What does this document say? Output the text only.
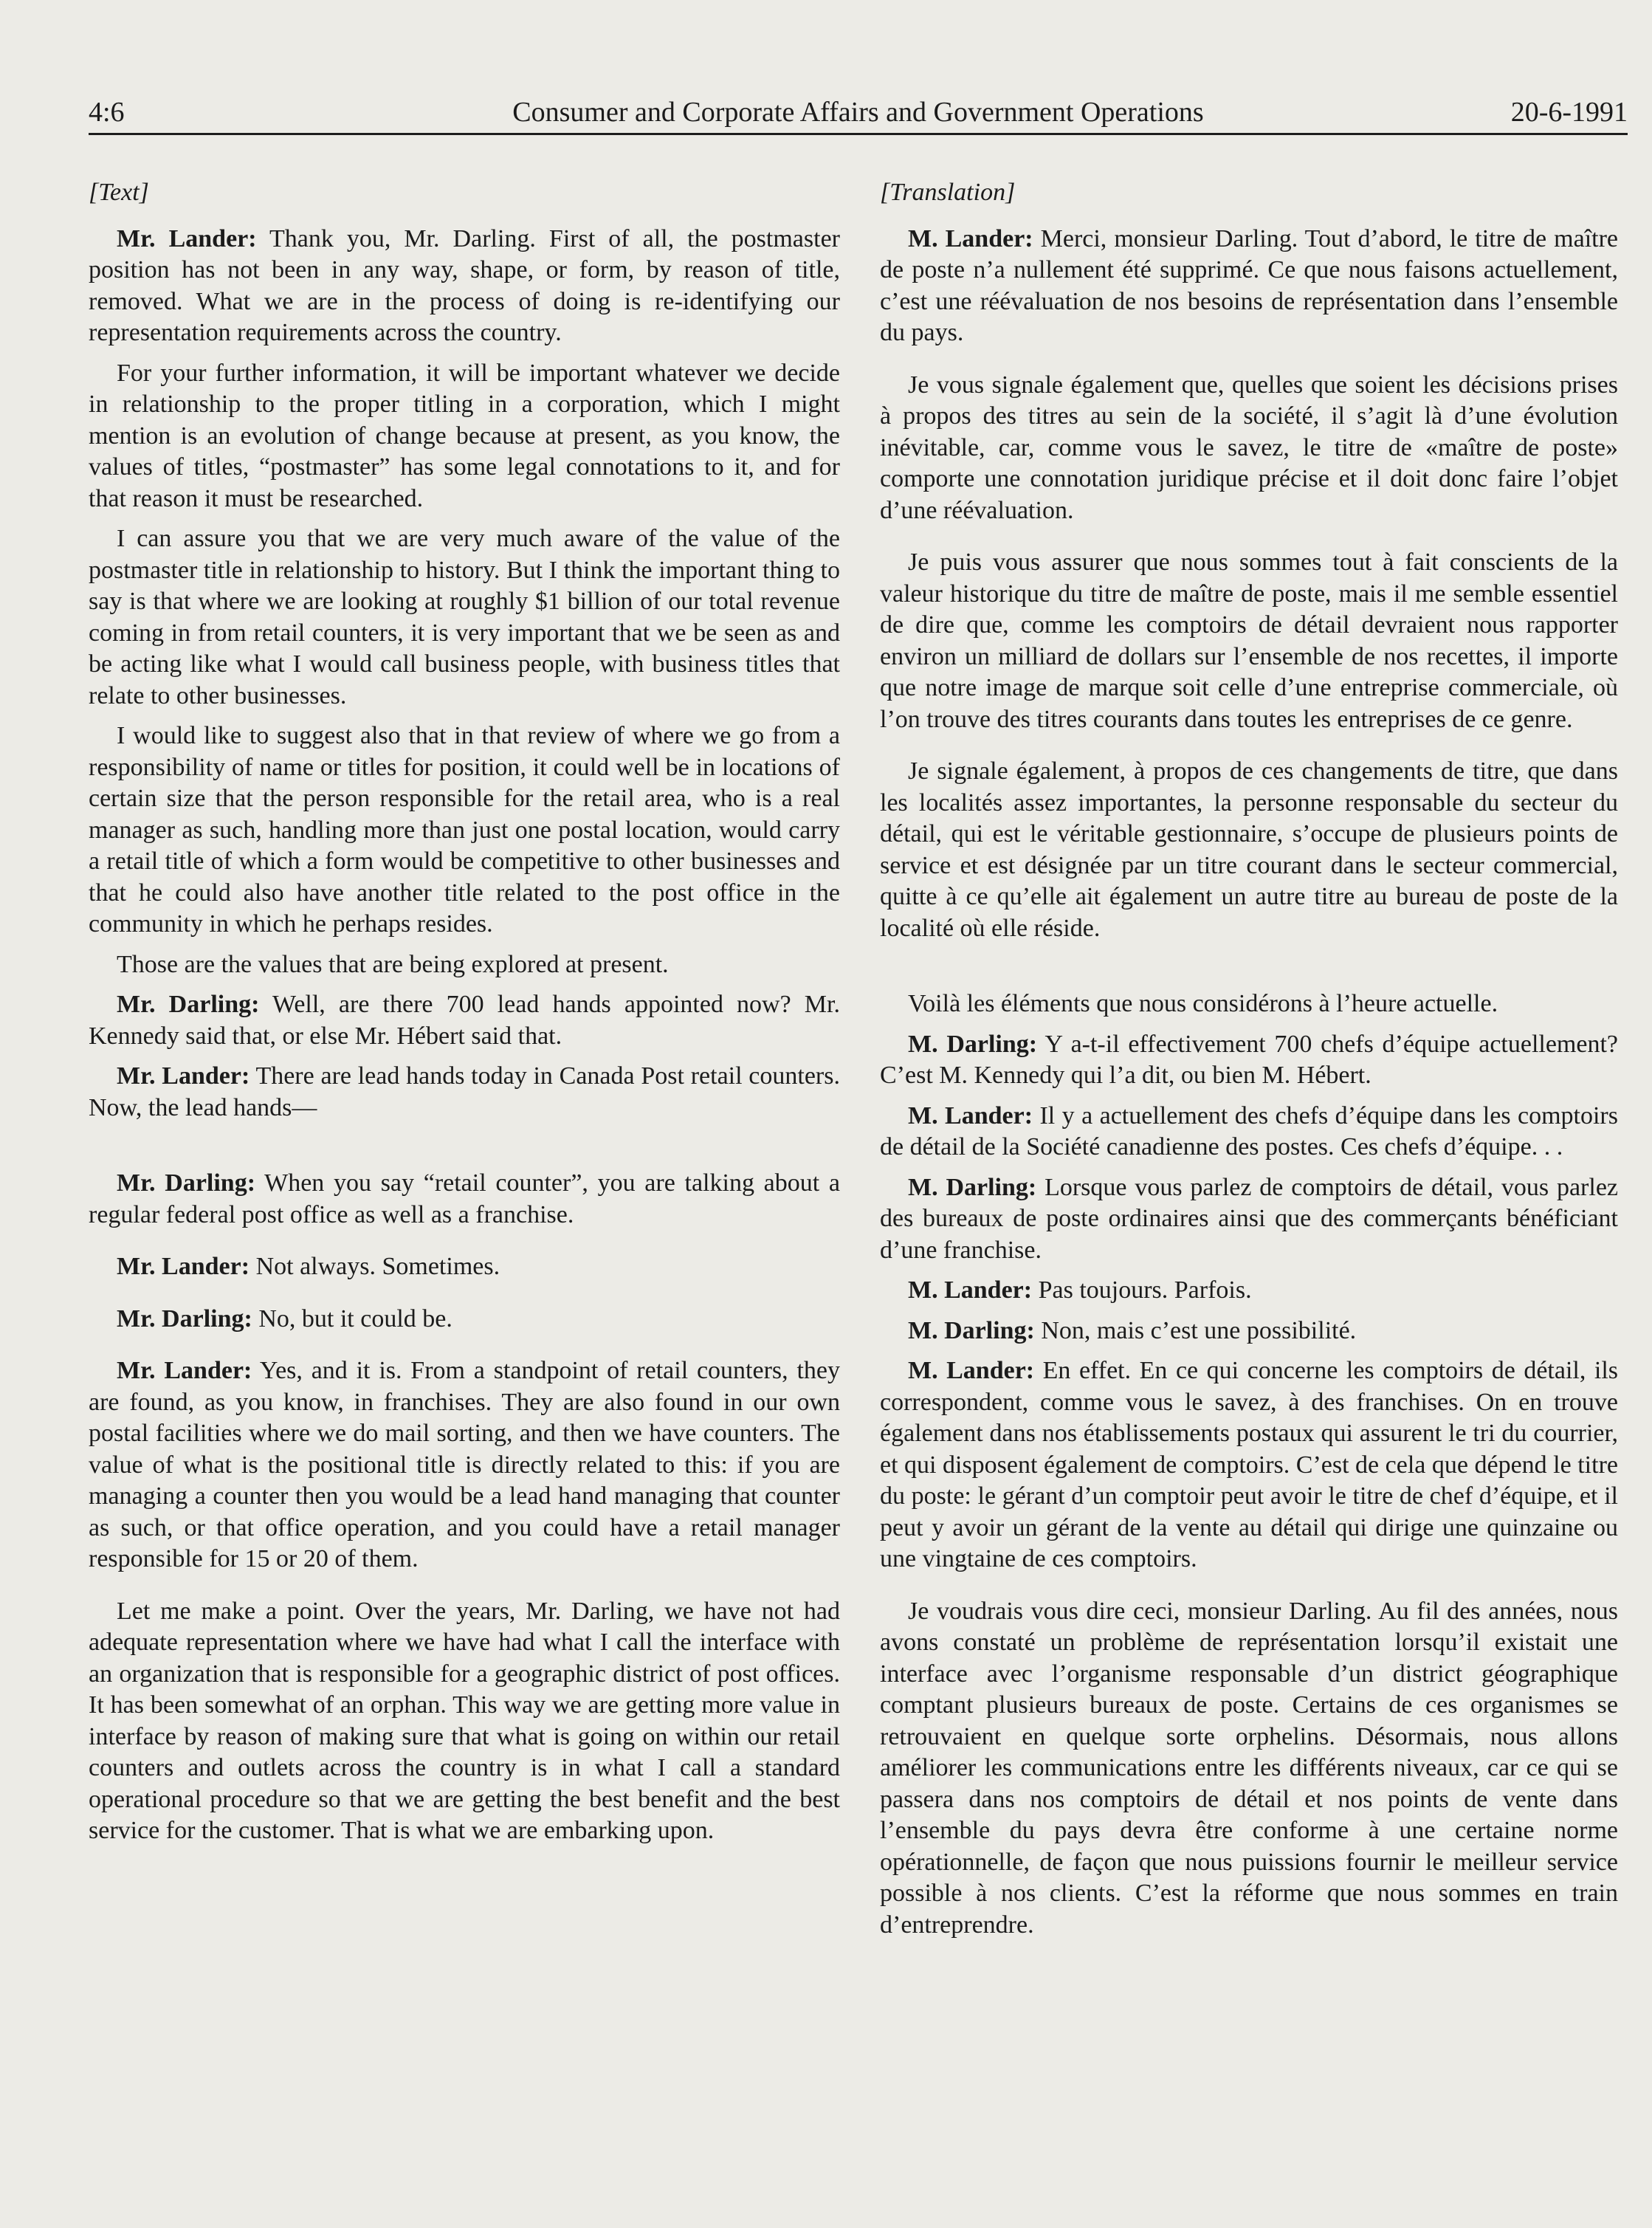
4:6	Consumer and Corporate Affairs and Government Operations	20-6-1991
[Text]

Mr. Lander: Thank you, Mr. Darling. First of all, the postmaster position has not been in any way, shape, or form, by reason of title, removed. What we are in the process of doing is re-identifying our representation requirements across the country.

For your further information, it will be important whatever we decide in relationship to the proper titling in a corporation, which I might mention is an evolution of change because at present, as you know, the values of titles, “postmaster” has some legal connotations to it, and for that reason it must be researched.

I can assure you that we are very much aware of the value of the postmaster title in relationship to history. But I think the important thing to say is that where we are looking at roughly $1 billion of our total revenue coming in from retail counters, it is very important that we be seen as and be acting like what I would call business people, with business titles that relate to other businesses.

I would like to suggest also that in that review of where we go from a responsibility of name or titles for position, it could well be in locations of certain size that the person responsible for the retail area, who is a real manager as such, handling more than just one postal location, would carry a retail title of which a form would be competitive to other businesses and that he could also have another title related to the post office in the community in which he perhaps resides.

Those are the values that are being explored at present.

Mr. Darling: Well, are there 700 lead hands appointed now? Mr. Kennedy said that, or else Mr. Hébert said that.

Mr. Lander: There are lead hands today in Canada Post retail counters. Now, the lead hands—

Mr. Darling: When you say “retail counter”, you are talking about a regular federal post office as well as a franchise.

Mr. Lander: Not always. Sometimes.

Mr. Darling: No, but it could be.

Mr. Lander: Yes, and it is. From a standpoint of retail counters, they are found, as you know, in franchises. They are also found in our own postal facilities where we do mail sorting, and then we have counters. The value of what is the positional title is directly related to this: if you are managing a counter then you would be a lead hand managing that counter as such, or that office operation, and you could have a retail manager responsible for 15 or 20 of them.

Let me make a point. Over the years, Mr. Darling, we have not had adequate representation where we have had what I call the interface with an organization that is responsible for a geographic district of post offices. It has been somewhat of an orphan. This way we are getting more value in interface by reason of making sure that what is going on within our retail counters and outlets across the country is in what I call a standard operational procedure so that we are getting the best benefit and the best service for the customer. That is what we are embarking upon.

[Translation]

M. Lander: Merci, monsieur Darling. Tout d’abord, le titre de maître de poste n’a nullement été supprimé. Ce que nous faisons actuellement, c’est une réévaluation de nos besoins de représentation dans l’ensemble du pays.

Je vous signale également que, quelles que soient les décisions prises à propos des titres au sein de la société, il s’agit là d’une évolution inévitable, car, comme vous le savez, le titre de «maître de poste» comporte une connotation juridique précise et il doit donc faire l’objet d’une réévaluation.

Je puis vous assurer que nous sommes tout à fait conscients de la valeur historique du titre de maître de poste, mais il me semble essentiel de dire que, comme les comptoirs de détail devraient nous rapporter environ un milliard de dollars sur l’ensemble de nos recettes, il importe que notre image de marque soit celle d’une entreprise commerciale, où l’on trouve des titres courants dans toutes les entreprises de ce genre.

Je signale également, à propos de ces changements de titre, que dans les localités assez importantes, la personne responsable du secteur du détail, qui est le véritable gestionnaire, s’occupe de plusieurs points de service et est désignée par un titre courant dans le secteur commercial, quitte à ce qu’elle ait également un autre titre au bureau de poste de la localité où elle réside.

Voilà les éléments que nous considérons à l’heure actuelle.

M. Darling: Y a-t-il effectivement 700 chefs d’équipe actuellement? C’est M. Kennedy qui l’a dit, ou bien M. Hébert.

M. Lander: Il y a actuellement des chefs d’équipe dans les comptoirs de détail de la Société canadienne des postes. Ces chefs d’équipe. . .

M. Darling: Lorsque vous parlez de comptoirs de détail, vous parlez des bureaux de poste ordinaires ainsi que des commerçants bénéficiant d’une franchise.

M. Lander: Pas toujours. Parfois.

M. Darling: Non, mais c’est une possibilité.

M. Lander: En effet. En ce qui concerne les comptoirs de détail, ils correspondent, comme vous le savez, à des franchises. On en trouve également dans nos établissements postaux qui assurent le tri du courrier, et qui disposent également de comptoirs. C’est de cela que dépend le titre du poste: le gérant d’un comptoir peut avoir le titre de chef d’équipe, et il peut y avoir un gérant de la vente au détail qui dirige une quinzaine ou une vingtaine de ces comptoirs.

Je voudrais vous dire ceci, monsieur Darling. Au fil des années, nous avons constaté un problème de représentation lorsqu’il existait une interface avec l’organisme responsable d’un district géographique comptant plusieurs bureaux de poste. Certains de ces organismes se retrouvaient en quelque sorte orphelins. Désormais, nous allons améliorer les communications entre les différents niveaux, car ce qui se passera dans nos comptoirs de détail et nos points de vente dans l’ensemble du pays devra être conforme à une certaine norme opérationnelle, de façon que nous puissions fournir le meilleur service possible à nos clients. C’est la réforme que nous sommes en train d’entreprendre.
